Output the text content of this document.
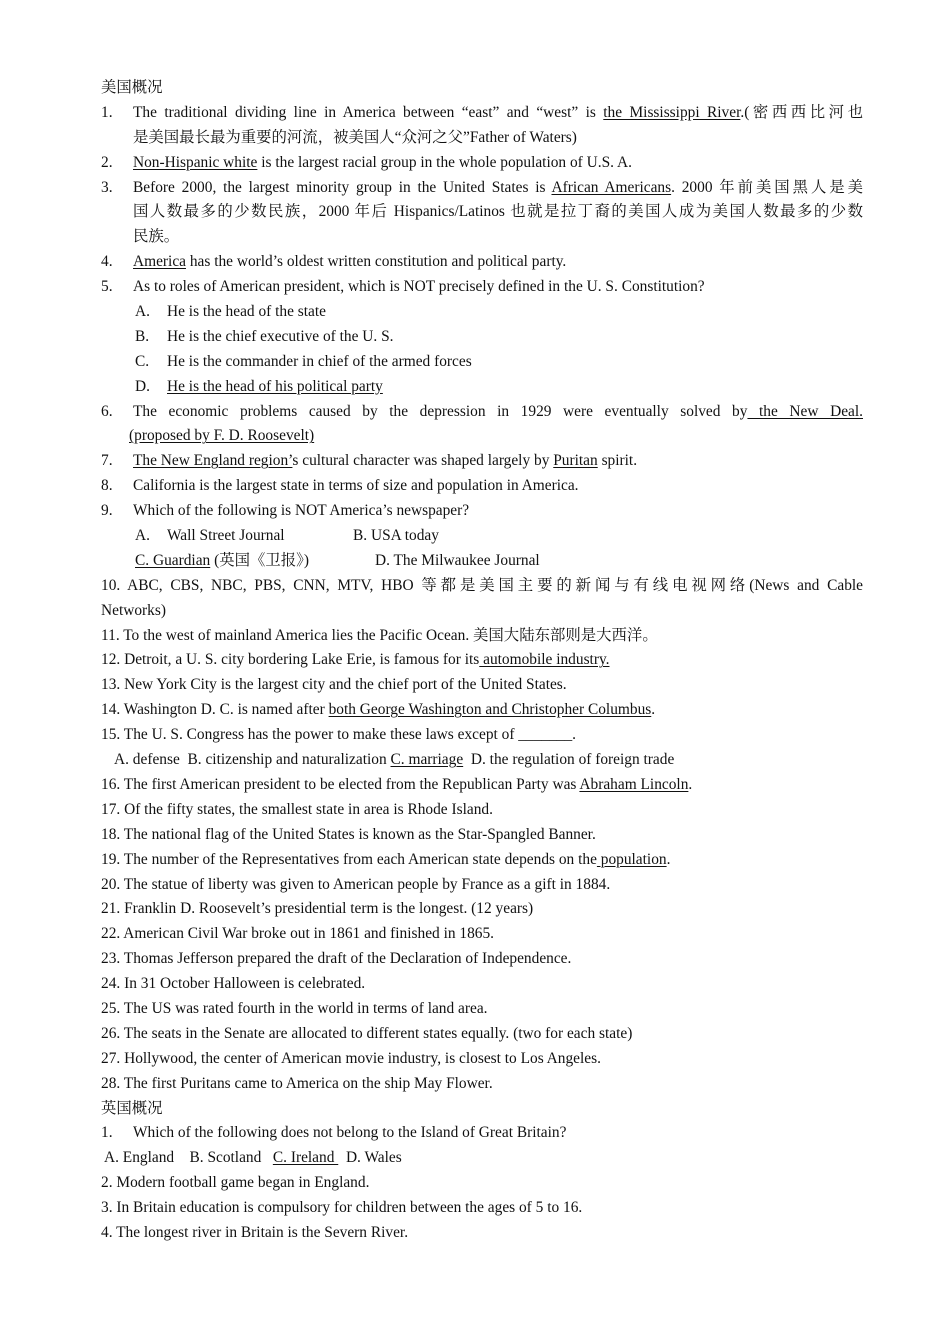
美国概况
1.	The traditional dividing line in America between “east” and “west” is the Mississippi River.(密西西比河也
是美国最长最为重要的河流，被美国人“众河之父”Father of Waters)
2.	Non-Hispanic white is the largest racial group in the whole population of U.S. A.
3.	Before 2000, the largest minority group in the United States is African Americans. 2000 年前美国黑人是美
国人数最多的少数民族，2000 年后 Hispanics/Latinos 也就是拉丁裔的美国人成为美国人数最多的少数
民族。
4.	America has the world’s oldest written constitution and political party.
5.	As to roles of American president, which is NOT precisely defined in the U. S. Constitution?
A.	He is the head of the state
B.	He is the chief executive of the U. S.
C.	He is the commander in chief of the armed forces
D.	He is the head of his political party
6.	The economic problems caused by the depression in 1929 were eventually solved by the New Deal.
(proposed by F. D. Roosevelt)
7.	The New England region’s cultural character was shaped largely by Puritan spirit.
8.	California is the largest state in terms of size and population in America.
9.	Which of the following is NOT America’s newspaper?
A.	Wall Street Journal	B. USA today
C. Guardian (英国《卫报》)	D. The Milwaukee Journal
10. ABC, CBS, NBC, PBS, CNN, MTV, HBO 等都是美国主要的新闻与有线电视网络(News and Cable
Networks)
11. To the west of mainland America lies the Pacific Ocean. 美国大陆东部则是大西洋。
12. Detroit, a U. S. city bordering Lake Erie, is famous for its automobile industry.
13. New York City is the largest city and the chief port of the United States.
14. Washington D. C. is named after both George Washington and Christopher Columbus.
15. The U. S. Congress has the power to make these laws except of _______.
A. defense  B. citizenship and naturalization C. marriage  D. the regulation of foreign trade
16. The first American president to be elected from the Republican Party was Abraham Lincoln.
17. Of the fifty states, the smallest state in area is Rhode Island.
18. The national flag of the United States is known as the Star-Spangled Banner.
19. The number of the Representatives from each American state depends on the population.
20. The statue of liberty was given to American people by France as a gift in 1884.
21. Franklin D. Roosevelt’s presidential term is the longest. (12 years)
22. American Civil War broke out in 1861 and finished in 1865.
23. Thomas Jefferson prepared the draft of the Declaration of Independence.
24. In 31 October Halloween is celebrated.
25. The US was rated fourth in the world in terms of land area.
26. The seats in the Senate are allocated to different states equally. (two for each state)
27. Hollywood, the center of American movie industry, is closest to Los Angeles.
28. The first Puritans came to America on the ship May Flower.
英国概况
1.	Which of the following does not belong to the Island of Great Britain?
A. England    B. Scotland   C. Ireland   D. Wales
2. Modern football game began in England.
3. In Britain education is compulsory for children between the ages of 5 to 16.
4. The longest river in Britain is the Severn River.
